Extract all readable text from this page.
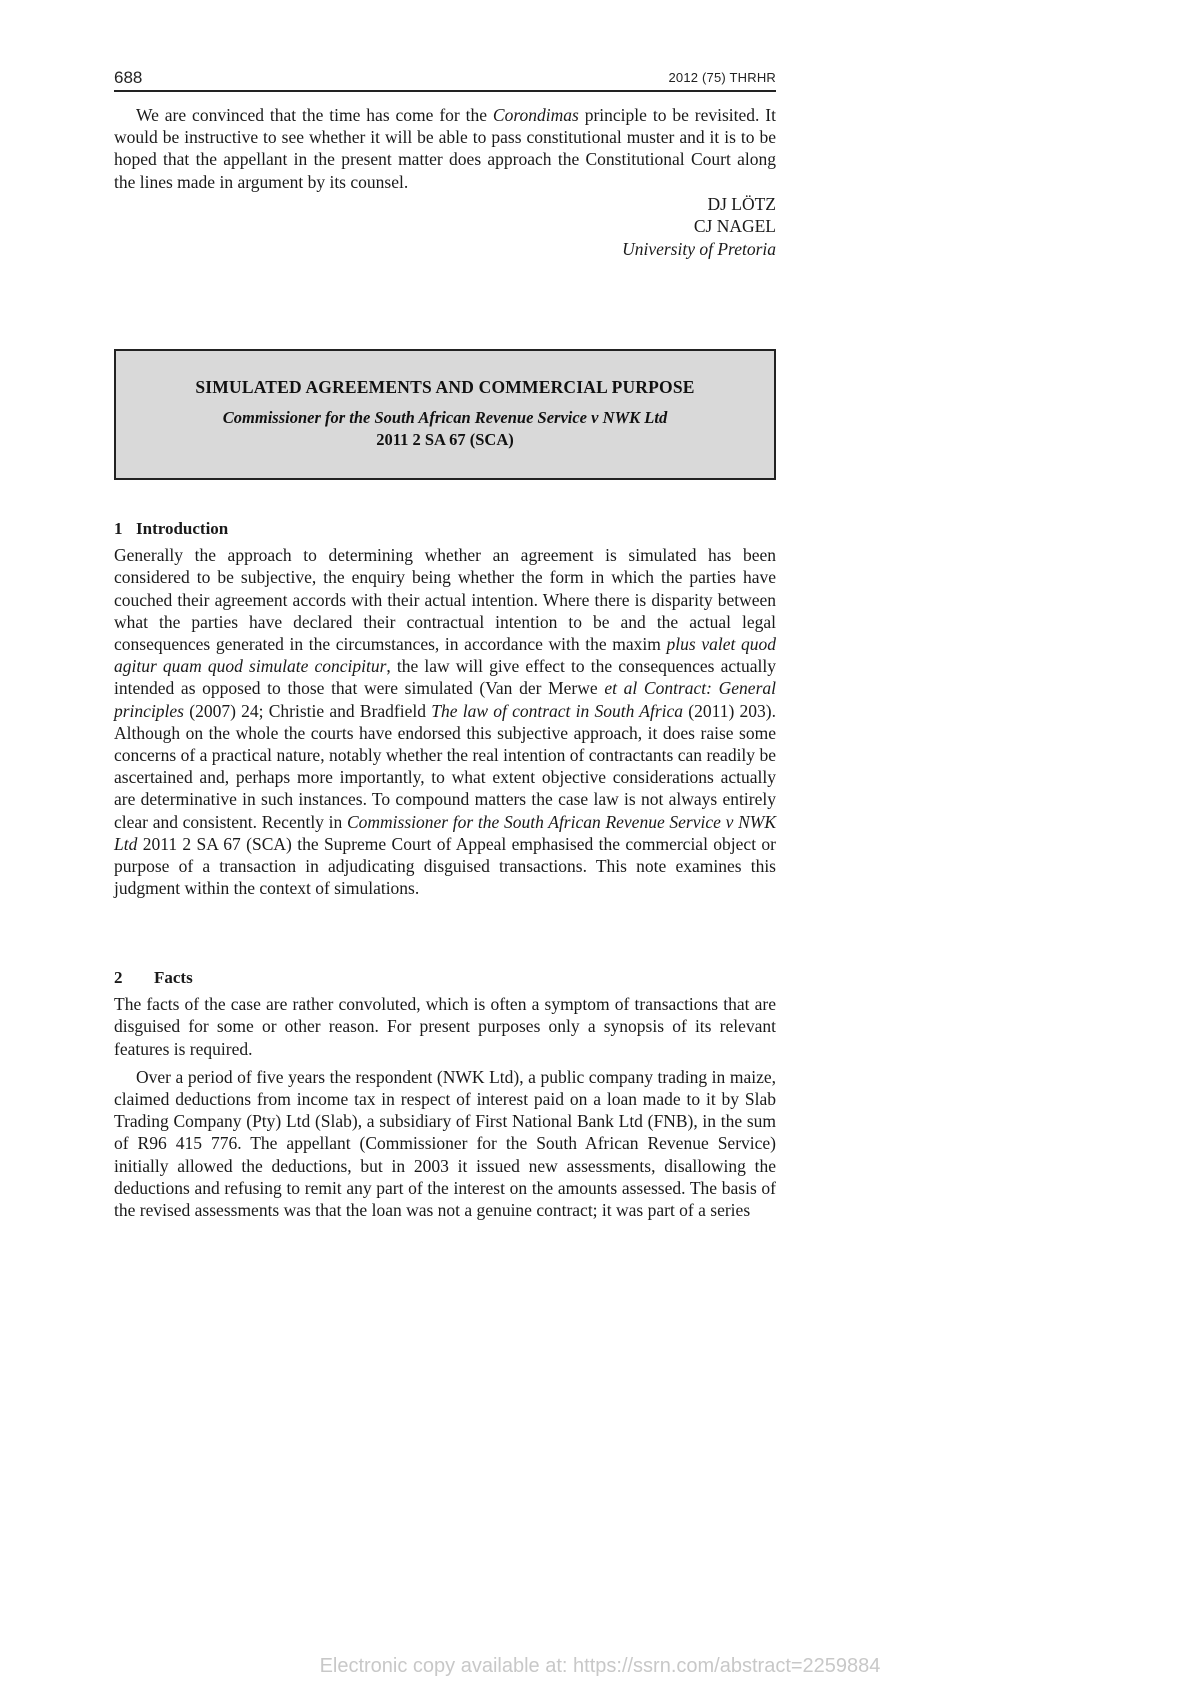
688	2012 (75) THRHR

We are convinced that the time has come for the Corondimas principle to be revisited. It would be instructive to see whether it will be able to pass constitutional muster and it is to be hoped that the appellant in the present matter does approach the Constitutional Court along the lines made in argument by its counsel.

DJ LÖTZ
CJ NAGEL
University of Pretoria
SIMULATED AGREEMENTS AND COMMERCIAL PURPOSE
Commissioner for the South African Revenue Service v NWK Ltd
2011 2 SA 67 (SCA)
1 Introduction

Generally the approach to determining whether an agreement is simulated has been considered to be subjective, the enquiry being whether the form in which the parties have couched their agreement accords with their actual intention. Where there is disparity between what the parties have declared their contractual intention to be and the actual legal consequences generated in the circumstances, in accordance with the maxim plus valet quod agitur quam quod simulate concipitur, the law will give effect to the consequences actually intended as opposed to those that were simulated (Van der Merwe et al Contract: General principles (2007) 24; Christie and Bradfield The law of contract in South Africa (2011) 203). Although on the whole the courts have endorsed this subjective approach, it does raise some concerns of a practical nature, notably whether the real intention of contractants can readily be ascertained and, perhaps more importantly, to what extent objective considerations actually are determinative in such instances. To compound matters the case law is not always entirely clear and consistent. Recently in Commissioner for the South African Revenue Service v NWK Ltd 2011 2 SA 67 (SCA) the Supreme Court of Appeal emphasised the commercial object or purpose of a transaction in adjudicating disguised transactions. This note examines this judgment within the context of simulations.

2 Facts

The facts of the case are rather convoluted, which is often a symptom of transactions that are disguised for some or other reason. For present purposes only a synopsis of its relevant features is required.

Over a period of five years the respondent (NWK Ltd), a public company trading in maize, claimed deductions from income tax in respect of interest paid on a loan made to it by Slab Trading Company (Pty) Ltd (Slab), a subsidiary of First National Bank Ltd (FNB), in the sum of R96 415 776. The appellant (Commissioner for the South African Revenue Service) initially allowed the deductions, but in 2003 it issued new assessments, disallowing the deductions and refusing to remit any part of the interest on the amounts assessed. The basis of the revised assessments was that the loan was not a genuine contract; it was part of a series

Electronic copy available at: https://ssrn.com/abstract=2259884
